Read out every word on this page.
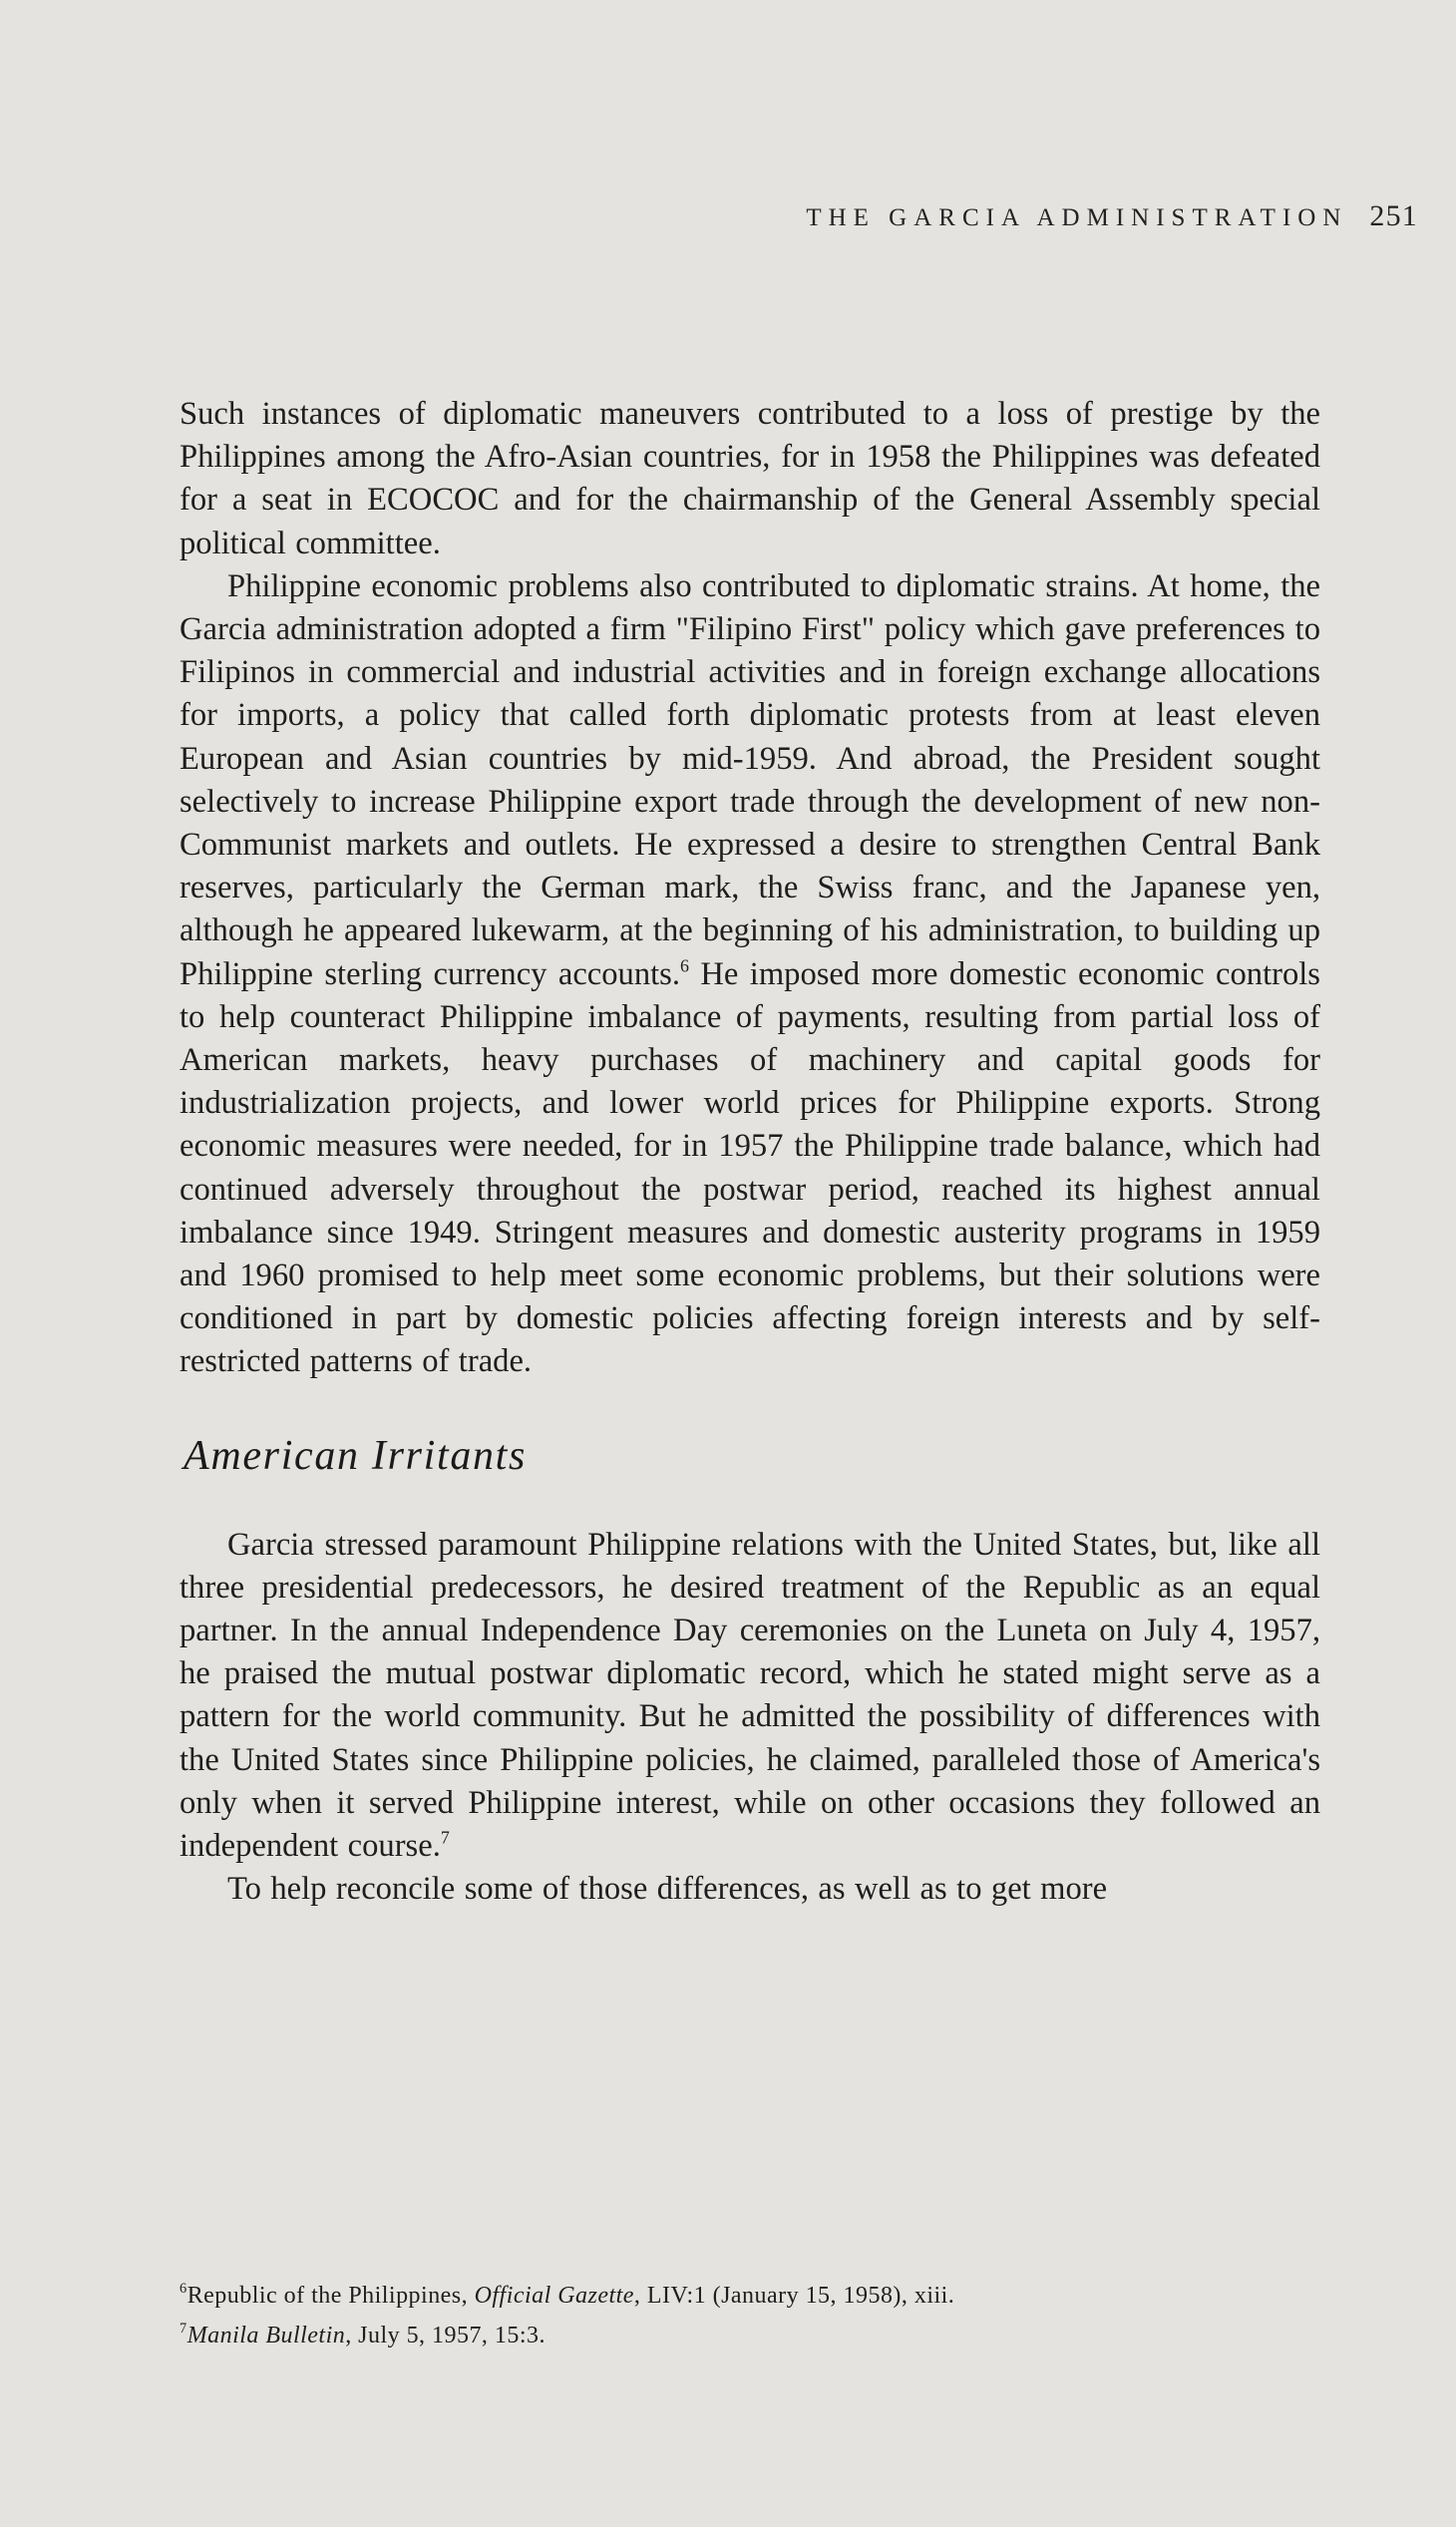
THE GARCIA ADMINISTRATION 251

Such instances of diplomatic maneuvers contributed to a loss of prestige by the Philippines among the Afro-Asian countries, for in 1958 the Philippines was defeated for a seat in ECOCOC and for the chairmanship of the General Assembly special political committee.

Philippine economic problems also contributed to diplomatic strains. At home, the Garcia administration adopted a firm "Filipino First" policy which gave preferences to Filipinos in commercial and industrial activities and in foreign exchange allocations for imports, a policy that called forth diplomatic protests from at least eleven European and Asian countries by mid-1959. And abroad, the President sought selectively to increase Philippine export trade through the development of new non-Communist markets and outlets. He expressed a desire to strengthen Central Bank reserves, particularly the German mark, the Swiss franc, and the Japanese yen, although he appeared lukewarm, at the beginning of his administration, to building up Philippine sterling currency accounts.$^6$ He imposed more domestic economic controls to help counteract Philippine imbalance of payments, resulting from partial loss of American markets, heavy purchases of machinery and capital goods for industrialization projects, and lower world prices for Philippine exports. Strong economic measures were needed, for in 1957 the Philippine trade balance, which had continued adversely throughout the postwar period, reached its highest annual imbalance since 1949. Stringent measures and domestic austerity programs in 1959 and 1960 promised to help meet some economic problems, but their solutions were conditioned in part by domestic policies affecting foreign interests and by self-restricted patterns of trade.

American Irritants

Garcia stressed paramount Philippine relations with the United States, but, like all three presidential predecessors, he desired treatment of the Republic as an equal partner. In the annual Independence Day ceremonies on the Luneta on July 4, 1957, he praised the mutual postwar diplomatic record, which he stated might serve as a pattern for the world community. But he admitted the possibility of differences with the United States since Philippine policies, he claimed, paralleled those of America's only when it served Philippine interest, while on other occasions they followed an independent course.$^7$

To help reconcile some of those differences, as well as to get more

$^6$Republic of the Philippines, Official Gazette, LIV:1 (January 15, 1958), xiii.

$^7$Manila Bulletin, July 5, 1957, 15:3.
